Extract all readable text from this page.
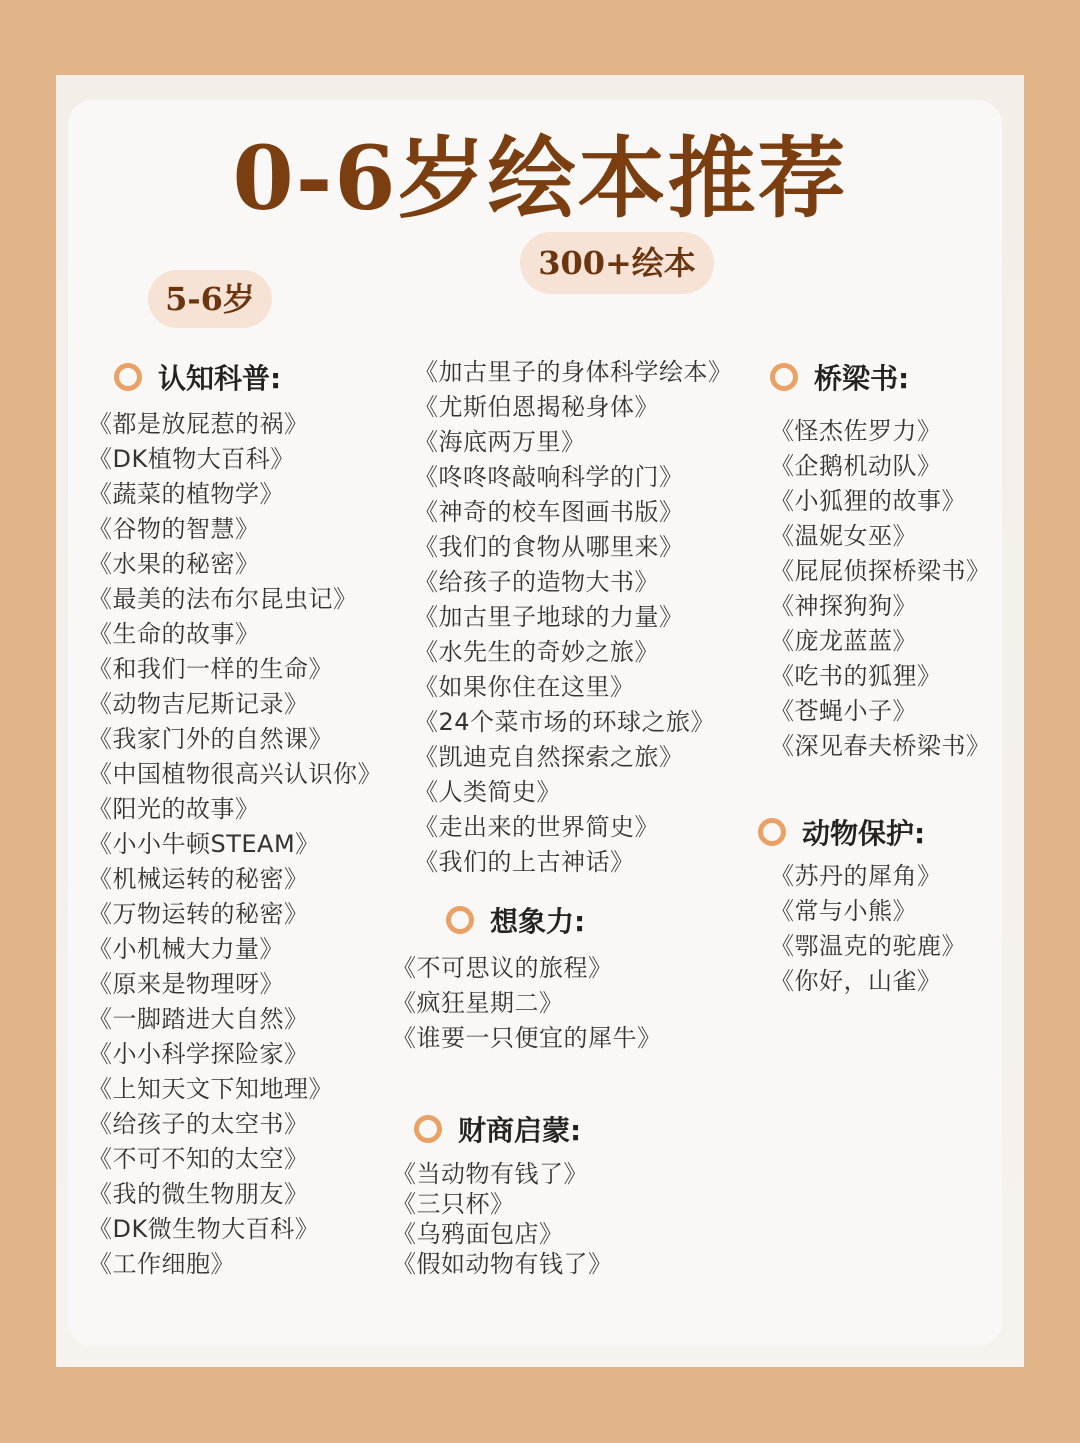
0-6岁绘本推荐
300+绘本
5-6岁
认知科普:
《都是放屁惹的祸》
《DK植物大百科》
《蔬菜的植物学》
《谷物的智慧》
《水果的秘密》
《最美的法布尔昆虫记》
《生命的故事》
《和我们一样的生命》
《动物吉尼斯记录》
《我家门外的自然课》
《中国植物很高兴认识你》
《阳光的故事》
《小小牛顿STEAM》
《机械运转的秘密》
《万物运转的秘密》
《小机械大力量》
《原来是物理呀》
《一脚踏进大自然》
《小小科学探险家》
《上知天文下知地理》
《给孩子的太空书》
《不可不知的太空》
《我的微生物朋友》
《DK微生物大百科》
《工作细胞》
《加古里子的身体科学绘本》
《尤斯伯恩揭秘身体》
《海底两万里》
《咚咚咚敲响科学的门》
《神奇的校车图画书版》
《我们的食物从哪里来》
《给孩子的造物大书》
《加古里子地球的力量》
《水先生的奇妙之旅》
《如果你住在这里》
《24个菜市场的环球之旅》
《凯迪克自然探索之旅》
《人类简史》
《走出来的世界简史》
《我们的上古神话》
想象力:
《不可思议的旅程》
《疯狂星期二》
《谁要一只便宜的犀牛》
财商启蒙:
《当动物有钱了》
《三只杯》
《乌鸦面包店》
《假如动物有钱了》
桥梁书:
《怪杰佐罗力》
《企鹅机动队》
《小狐狸的故事》
《温妮女巫》
《屁屁侦探桥梁书》
《神探狗狗》
《庞龙蓝蓝》
《吃书的狐狸》
《苍蝇小子》
《深见春夫桥梁书》
动物保护:
《苏丹的犀角》
《常与小熊》
《鄂温克的驼鹿》
《你好，山雀》
